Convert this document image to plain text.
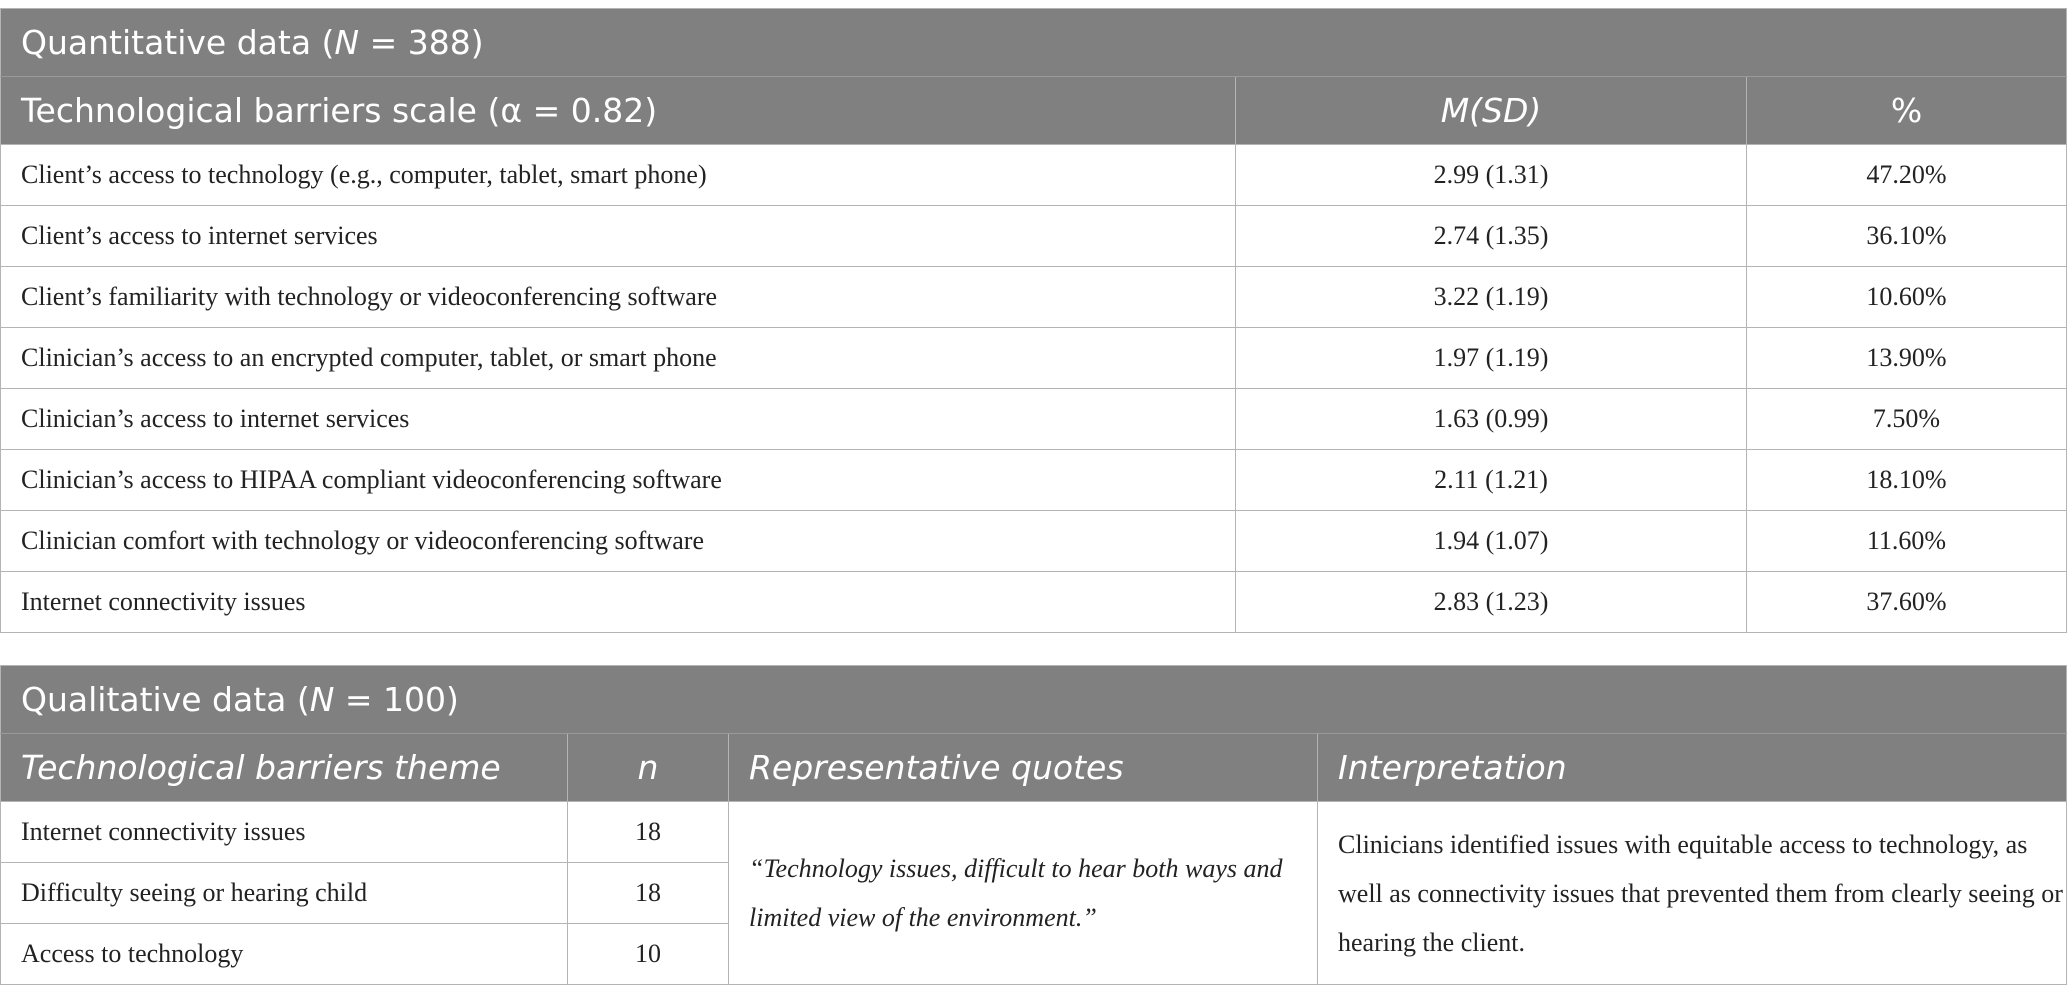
Quantitative data (N = 388)		
Technological barriers scale (α = 0.82)	M(SD)	%
Client’s access to technology (e.g., computer, tablet, smart phone)	2.99 (1.31)	47.20%
Client’s access to internet services	2.74 (1.35)	36.10%
Client’s familiarity with technology or videoconferencing software	3.22 (1.19)	10.60%
Clinician’s access to an encrypted computer, tablet, or smart phone	1.97 (1.19)	13.90%
Clinician’s access to internet services	1.63 (0.99)	7.50%
Clinician’s access to HIPAA compliant videoconferencing software	2.11 (1.21)	18.10%
Clinician comfort with technology or videoconferencing software	1.94 (1.07)	11.60%
Internet connectivity issues	2.83 (1.23)	37.60%
Qualitative data (N = 100)			
Technological barriers theme	n	Representative quotes	Interpretation
Internet connectivity issues	18	“Technology issues, difficult to hear both ways and limited view of the environment.”	Clinicians identified issues with equitable access to technology, as well as connectivity issues that prevented them from clearly seeing or hearing the client.
Difficulty seeing or hearing child	18		
Access to technology	10		
